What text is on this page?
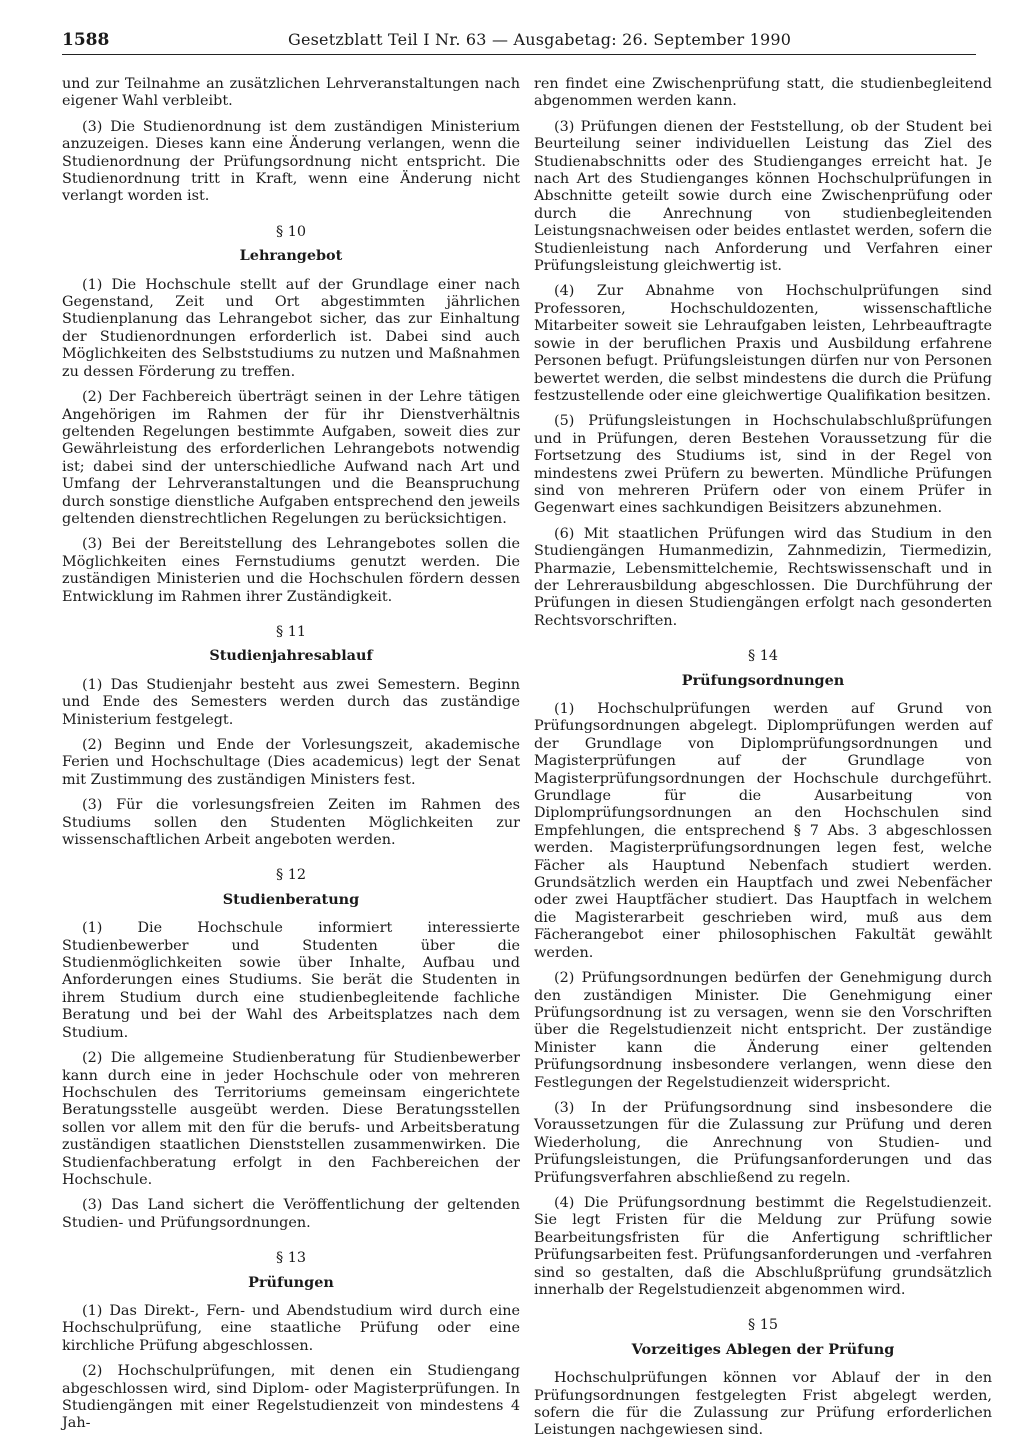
1588	Gesetzblatt Teil I Nr. 63 — Ausgabetag: 26. September 1990

und zur Teilnahme an zusätzlichen Lehrveranstaltungen nach eigener Wahl verbleibt.

(3) Die Studienordnung ist dem zuständigen Ministerium anzuzeigen. Dieses kann eine Änderung verlangen, wenn die Studienordnung der Prüfungsordnung nicht entspricht. Die Studienordnung tritt in Kraft, wenn eine Änderung nicht verlangt worden ist.

§ 10
Lehrangebot

(1) Die Hochschule stellt auf der Grundlage einer nach Gegenstand, Zeit und Ort abgestimmten jährlichen Studienplanung das Lehrangebot sicher, das zur Einhaltung der Studienordnungen erforderlich ist. Dabei sind auch Möglichkeiten des Selbststudiums zu nutzen und Maßnahmen zu dessen Förderung zu treffen.

(2) Der Fachbereich überträgt seinen in der Lehre tätigen Angehörigen im Rahmen der für ihr Dienstverhältnis geltenden Regelungen bestimmte Aufgaben, soweit dies zur Gewährleistung des erforderlichen Lehrangebots notwendig ist; dabei sind der unterschiedliche Aufwand nach Art und Umfang der Lehrveranstaltungen und die Beanspruchung durch sonstige dienstliche Aufgaben entsprechend den jeweils geltenden dienstrechtlichen Regelungen zu berücksichtigen.

(3) Bei der Bereitstellung des Lehrangebotes sollen die Möglichkeiten eines Fernstudiums genutzt werden. Die zuständigen Ministerien und die Hochschulen fördern dessen Entwicklung im Rahmen ihrer Zuständigkeit.

§ 11
Studienjahresablauf

(1) Das Studienjahr besteht aus zwei Semestern. Beginn und Ende des Semesters werden durch das zuständige Ministerium festgelegt.

(2) Beginn und Ende der Vorlesungszeit, akademische Ferien und Hochschultage (Dies academicus) legt der Senat mit Zustimmung des zuständigen Ministers fest.

(3) Für die vorlesungsfreien Zeiten im Rahmen des Studiums sollen den Studenten Möglichkeiten zur wissenschaftlichen Arbeit angeboten werden.

§ 12
Studienberatung

(1) Die Hochschule informiert interessierte Studienbewerber und Studenten über die Studienmöglichkeiten sowie über Inhalte, Aufbau und Anforderungen eines Studiums. Sie berät die Studenten in ihrem Studium durch eine studienbegleitende fachliche Beratung und bei der Wahl des Arbeitsplatzes nach dem Studium.

(2) Die allgemeine Studienberatung für Studienbewerber kann durch eine in jeder Hochschule oder von mehreren Hochschulen des Territoriums gemeinsam eingerichtete Beratungsstelle ausgeübt werden. Diese Beratungsstellen sollen vor allem mit den für die berufs- und Arbeitsberatung zuständigen staatlichen Dienststellen zusammenwirken. Die Studienfachberatung erfolgt in den Fachbereichen der Hochschule.

(3) Das Land sichert die Veröffentlichung der geltenden Studien- und Prüfungsordnungen.

§ 13
Prüfungen

(1) Das Direkt-, Fern- und Abendstudium wird durch eine Hochschulprüfung, eine staatliche Prüfung oder eine kirchliche Prüfung abgeschlossen.

(2) Hochschulprüfungen, mit denen ein Studiengang abgeschlossen wird, sind Diplom- oder Magisterprüfungen. In Studiengängen mit einer Regelstudienzeit von mindestens 4 Jah-

ren findet eine Zwischenprüfung statt, die studienbegleitend abgenommen werden kann.

(3) Prüfungen dienen der Feststellung, ob der Student bei Beurteilung seiner individuellen Leistung das Ziel des Studienabschnitts oder des Studienganges erreicht hat. Je nach Art des Studienganges können Hochschulprüfungen in Abschnitte geteilt sowie durch eine Zwischenprüfung oder durch die Anrechnung von studienbegleitenden Leistungsnachweisen oder beides entlastet werden, sofern die Studienleistung nach Anforderung und Verfahren einer Prüfungsleistung gleichwertig ist.

(4) Zur Abnahme von Hochschulprüfungen sind Professoren, Hochschuldozenten, wissenschaftliche Mitarbeiter soweit sie Lehraufgaben leisten, Lehrbeauftragte sowie in der beruflichen Praxis und Ausbildung erfahrene Personen befugt. Prüfungsleistungen dürfen nur von Personen bewertet werden, die selbst mindestens die durch die Prüfung festzustellende oder eine gleichwertige Qualifikation besitzen.

(5) Prüfungsleistungen in Hochschulabschlußprüfungen und in Prüfungen, deren Bestehen Voraussetzung für die Fortsetzung des Studiums ist, sind in der Regel von mindestens zwei Prüfern zu bewerten. Mündliche Prüfungen sind von mehreren Prüfern oder von einem Prüfer in Gegenwart eines sachkundigen Beisitzers abzunehmen.

(6) Mit staatlichen Prüfungen wird das Studium in den Studiengängen Humanmedizin, Zahnmedizin, Tiermedizin, Pharmazie, Lebensmittelchemie, Rechtswissenschaft und in der Lehrerausbildung abgeschlossen. Die Durchführung der Prüfungen in diesen Studiengängen erfolgt nach gesonderten Rechtsvorschriften.

§ 14
Prüfungsordnungen

(1) Hochschulprüfungen werden auf Grund von Prüfungsordnungen abgelegt. Diplomprüfungen werden auf der Grundlage von Diplomprüfungsordnungen und Magisterprüfungen auf der Grundlage von Magisterprüfungsordnungen der Hochschule durchgeführt. Grundlage für die Ausarbeitung von Diplomprüfungsordnungen an den Hochschulen sind Empfehlungen, die entsprechend § 7 Abs. 3 abgeschlossen werden. Magisterprüfungsordnungen legen fest, welche Fächer als Hauptund Nebenfach studiert werden. Grundsätzlich werden ein Hauptfach und zwei Nebenfächer oder zwei Hauptfächer studiert. Das Hauptfach in welchem die Magisterarbeit geschrieben wird, muß aus dem Fächerangebot einer philosophischen Fakultät gewählt werden.

(2) Prüfungsordnungen bedürfen der Genehmigung durch den zuständigen Minister. Die Genehmigung einer Prüfungsordnung ist zu versagen, wenn sie den Vorschriften über die Regelstudienzeit nicht entspricht. Der zuständige Minister kann die Änderung einer geltenden Prüfungsordnung insbesondere verlangen, wenn diese den Festlegungen der Regelstudienzeit widerspricht.

(3) In der Prüfungsordnung sind insbesondere die Voraussetzungen für die Zulassung zur Prüfung und deren Wiederholung, die Anrechnung von Studien- und Prüfungsleistungen, die Prüfungsanforderungen und das Prüfungsverfahren abschließend zu regeln.

(4) Die Prüfungsordnung bestimmt die Regelstudienzeit. Sie legt Fristen für die Meldung zur Prüfung sowie Bearbeitungsfristen für die Anfertigung schriftlicher Prüfungsarbeiten fest. Prüfungsanforderungen und -verfahren sind so gestalten, daß die Abschlußprüfung grundsätzlich innerhalb der Regelstudienzeit abgenommen wird.

§ 15
Vorzeitiges Ablegen der Prüfung

Hochschulprüfungen können vor Ablauf der in den Prüfungsordnungen festgelegten Frist abgelegt werden, sofern die für die Zulassung zur Prüfung erforderlichen Leistungen nachgewiesen sind.
